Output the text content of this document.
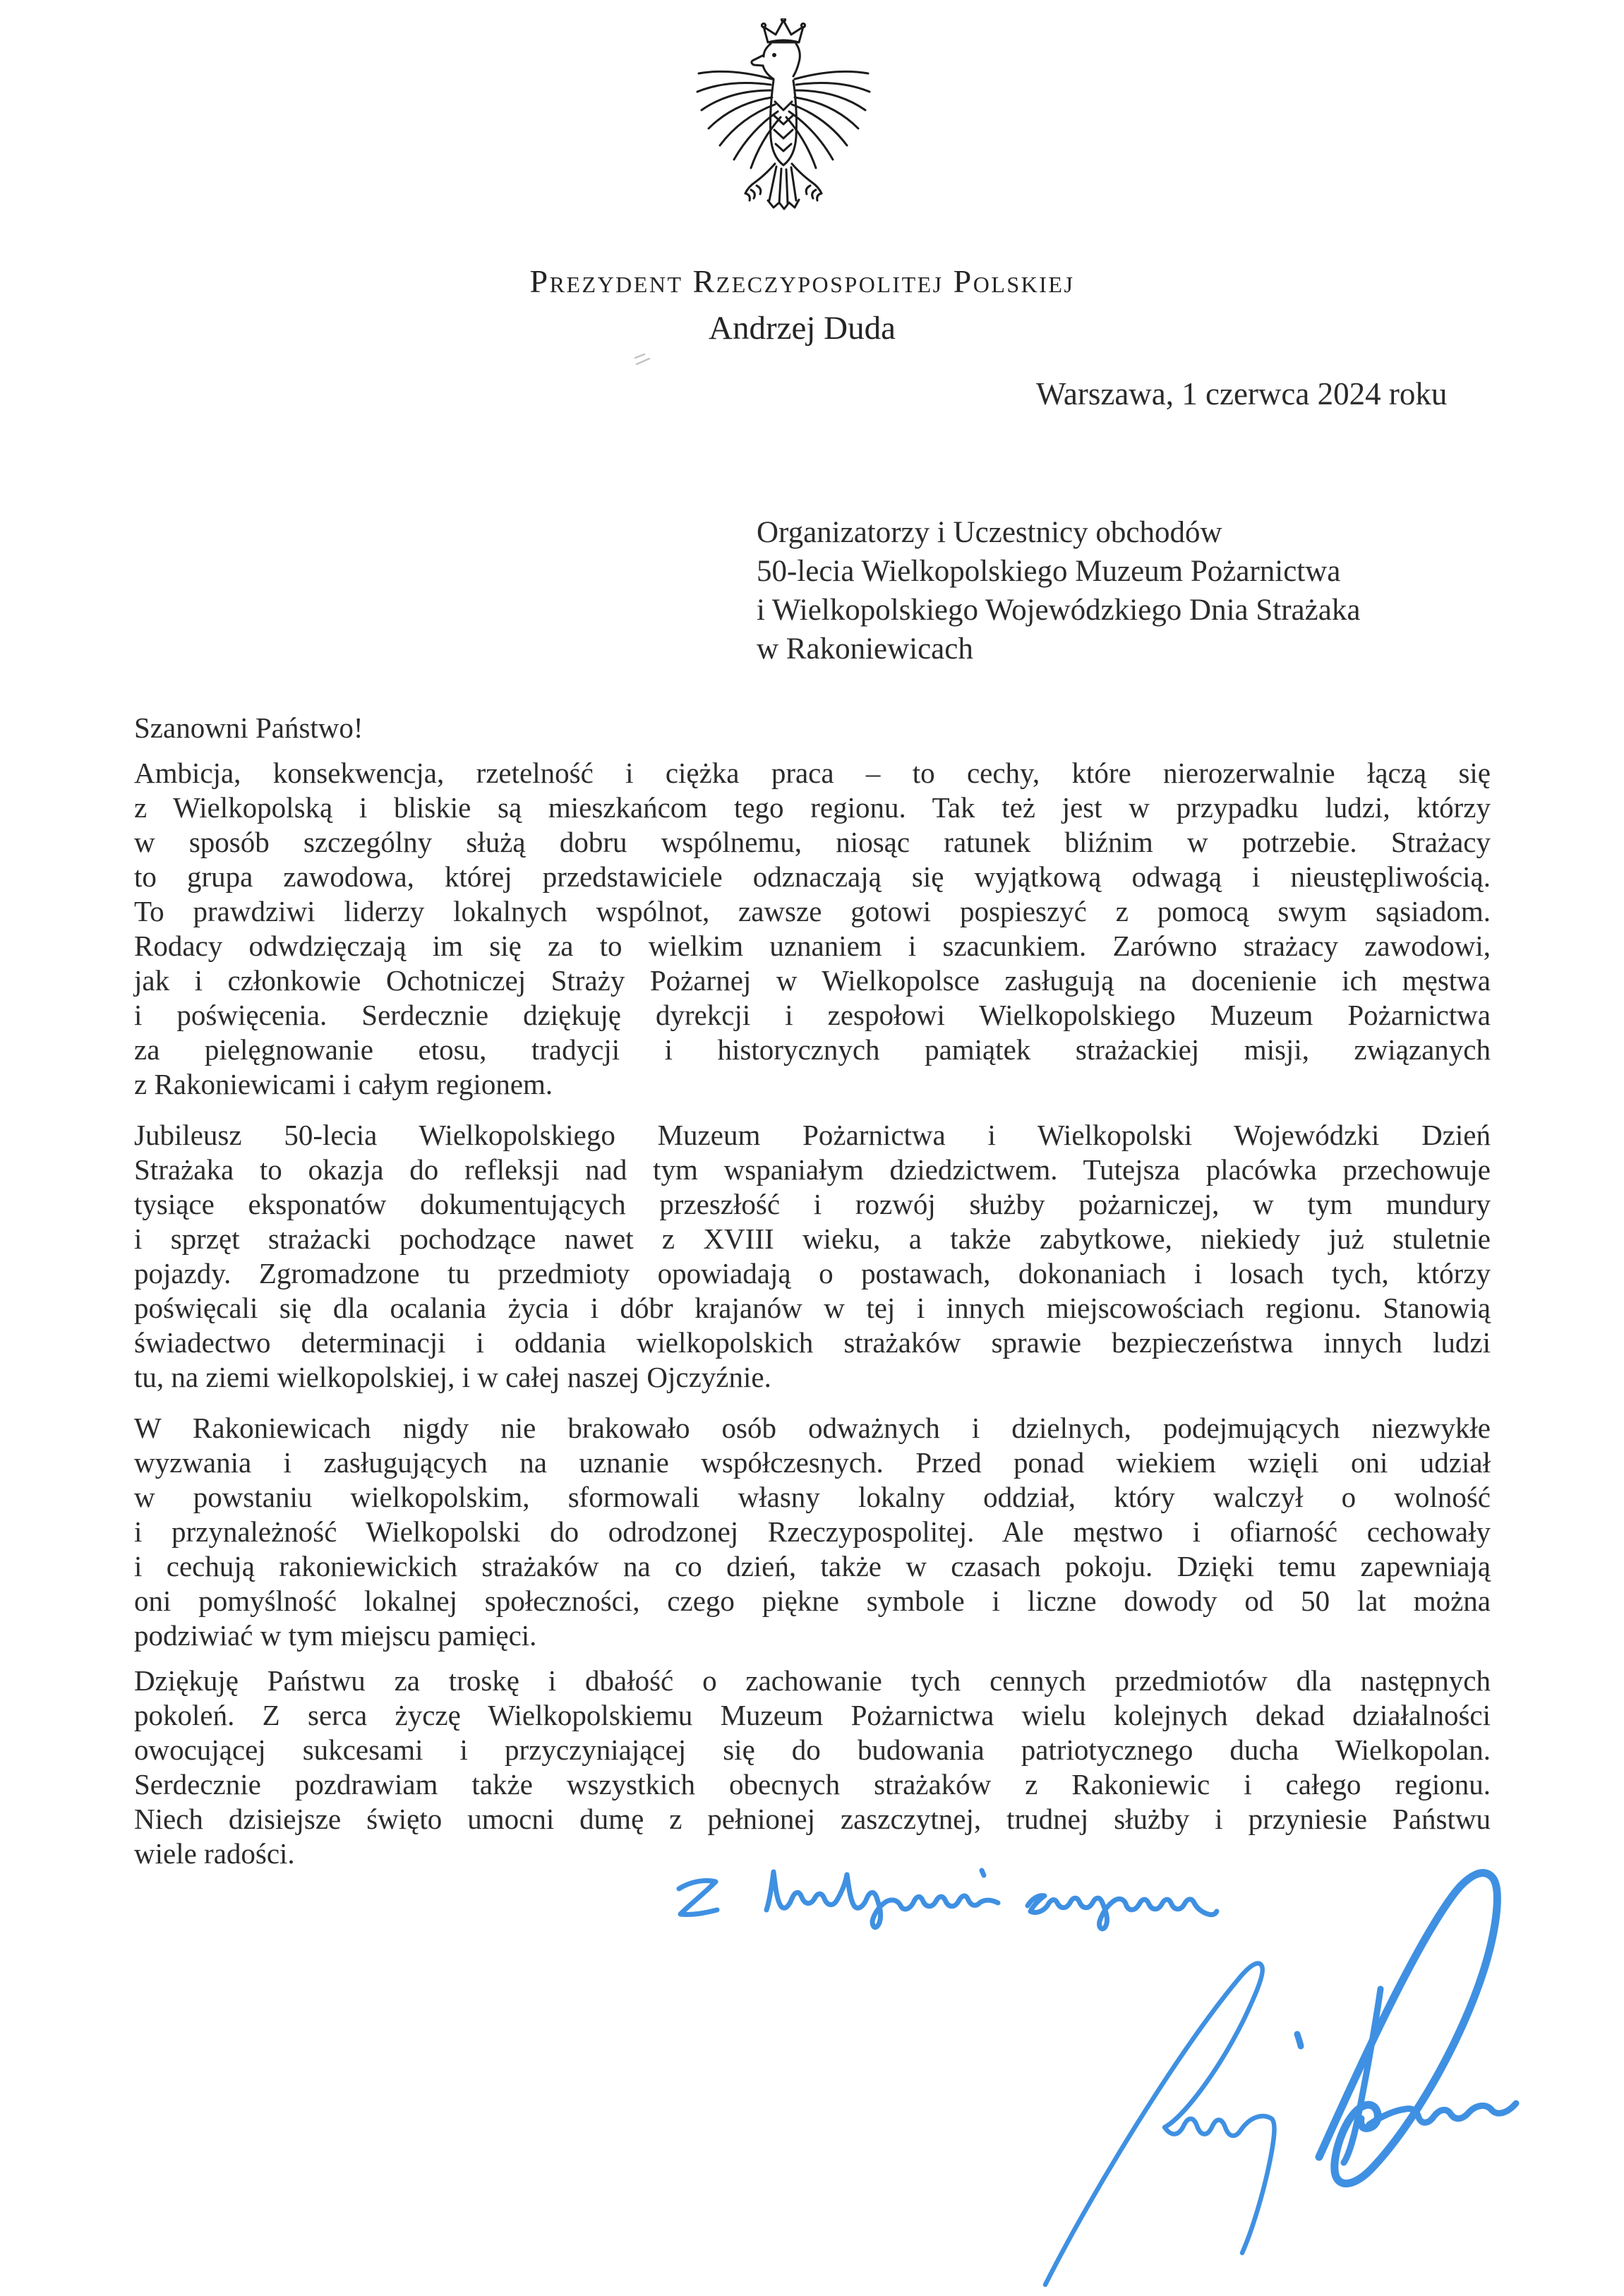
Prezydent Rzeczypospolitej Polskiej
Andrzej Duda
Warszawa, 1 czerwca 2024 roku
Organizatorzy i Uczestnicy obchodów
50-lecia Wielkopolskiego Muzeum Pożarnictwa
i Wielkopolskiego Wojewódzkiego Dnia Strażaka
w Rakoniewicach
Szanowni Państwo!
Ambicja, konsekwencja, rzetelność i ciężka praca – to cechy, które nierozerwalnie łączą się
z Wielkopolską i bliskie są mieszkańcom tego regionu. Tak też jest w przypadku ludzi, którzy
w sposób szczególny służą dobru wspólnemu, niosąc ratunek bliźnim w potrzebie. Strażacy
to grupa zawodowa, której przedstawiciele odznaczają się wyjątkową odwagą i nieustępliwością.
To prawdziwi liderzy lokalnych wspólnot, zawsze gotowi pospieszyć z pomocą swym sąsiadom.
Rodacy odwdzięczają im się za to wielkim uznaniem i szacunkiem. Zarówno strażacy zawodowi,
jak i członkowie Ochotniczej Straży Pożarnej w Wielkopolsce zasługują na docenienie ich męstwa
i poświęcenia. Serdecznie dziękuję dyrekcji i zespołowi Wielkopolskiego Muzeum Pożarnictwa
za pielęgnowanie etosu, tradycji i historycznych pamiątek strażackiej misji, związanych
z Rakoniewicami i całym regionem.
Jubileusz 50-lecia Wielkopolskiego Muzeum Pożarnictwa i Wielkopolski Wojewódzki Dzień
Strażaka to okazja do refleksji nad tym wspaniałym dziedzictwem. Tutejsza placówka przechowuje
tysiące eksponatów dokumentujących przeszłość i rozwój służby pożarniczej, w tym mundury
i sprzęt strażacki pochodzące nawet z XVIII wieku, a także zabytkowe, niekiedy już stuletnie
pojazdy. Zgromadzone tu przedmioty opowiadają o postawach, dokonaniach i losach tych, którzy
poświęcali się dla ocalania życia i dóbr krajanów w tej i innych miejscowościach regionu. Stanowią
świadectwo determinacji i oddania wielkopolskich strażaków sprawie bezpieczeństwa innych ludzi
tu, na ziemi wielkopolskiej, i w całej naszej Ojczyźnie.
W Rakoniewicach nigdy nie brakowało osób odważnych i dzielnych, podejmujących niezwykłe
wyzwania i zasługujących na uznanie współczesnych. Przed ponad wiekiem wzięli oni udział
w powstaniu wielkopolskim, sformowali własny lokalny oddział, który walczył o wolność
i przynależność Wielkopolski do odrodzonej Rzeczypospolitej. Ale męstwo i ofiarność cechowały
i cechują rakoniewickich strażaków na co dzień, także w czasach pokoju. Dzięki temu zapewniają
oni pomyślność lokalnej społeczności, czego piękne symbole i liczne dowody od 50 lat można
podziwiać w tym miejscu pamięci.
Dziękuję Państwu za troskę i dbałość o zachowanie tych cennych przedmiotów dla następnych
pokoleń. Z serca życzę Wielkopolskiemu Muzeum Pożarnictwa wielu kolejnych dekad działalności
owocującej sukcesami i przyczyniającej się do budowania patriotycznego ducha Wielkopolan.
Serdecznie pozdrawiam także wszystkich obecnych strażaków z Rakoniewic i całego regionu.
Niech dzisiejsze święto umocni dumę z pełnionej zaszczytnej, trudnej służby i przyniesie Państwu
wiele radości.
